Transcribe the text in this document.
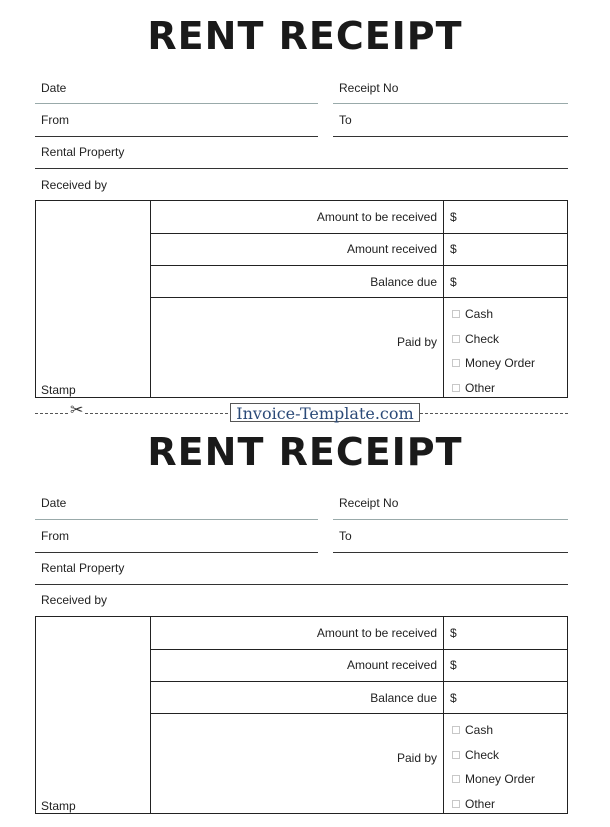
RENT RECEIPT
Date	Receipt No
From	To
Rental Property
Received by
Amount to be received $
Amount received $
Balance due $
Paid by
Cash
Check
Money Order
Other
Stamp
✂	Invoice-Template.com
RENT RECEIPT
Date	Receipt No
From	To
Rental Property
Received by
Amount to be received $
Amount received $
Balance due $
Paid by
Cash
Check
Money Order
Other
Stamp
